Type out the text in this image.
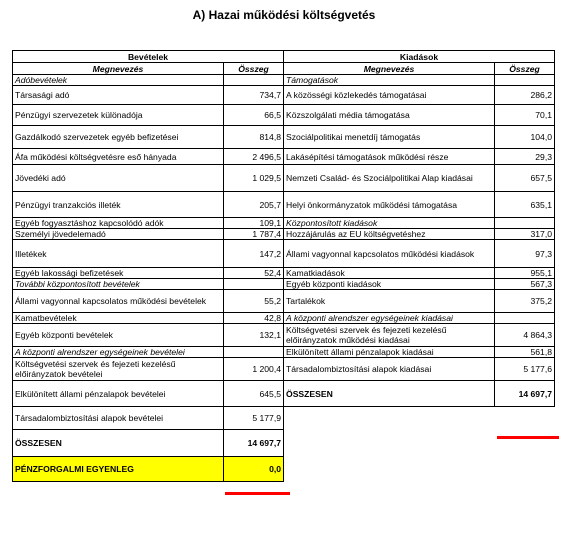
A) Hazai működési költségvetés
Bevételek		Kiadások	
Megnevezés	Összeg	Megnevezés	Összeg
Adóbevételek		Támogatások	
Társasági adó	734,7	A közösségi közlekedés támogatásai	286,2
Pénzügyi szervezetek különadója	66,5	Közszolgálati média támogatása	70,1
Gazdálkodó szervezetek egyéb befizetései	814,8	Szociálpolitikai menetdíj támogatás	104,0
Áfa működési költségvetésre eső hányada	2 496,5	Lakásépítési támogatások működési része	29,3
Jövedéki adó	1 029,5	Nemzeti Család- és Szociálpolitikai Alap kiadásai	657,5
Pénzügyi tranzakciós illeték	205,7	Helyi önkormányzatok működési támogatása	635,1
Egyéb fogyasztáshoz kapcsolódó adók	109,1	Központosított kiadások	
Személyi jövedelemadó	1 787,4	Hozzájárulás az EU költségvetéshez	317,0
Illetékek	147,2	Állami vagyonnal kapcsolatos működési kiadások	97,3
Egyéb lakossági befizetések	52,4	Kamatkiadások	955,1
További központosított bevételek		Egyéb központi kiadások	567,3
Állami vagyonnal kapcsolatos működési bevételek	55,2	Tartalékok	375,2
Kamatbevételek	42,8	A központi alrendszer egységeinek kiadásai	
Egyéb központi bevételek	132,1	Költségvetési szervek és fejezeti kezelésű előirányzatok működési kiadásai	4 864,3
A központi alrendszer egységeinek bevételei		Elkülönített állami pénzalapok kiadásai	561,8
Költségvetési szervek és fejezeti kezelésű előirányzatok bevételei	1 200,4	Társadalombiztosítási alapok kiadásai	5 177,6
Elkülönített állami pénzalapok bevételei	645,5	ÖSSZESEN	14 697,7
Társadalombiztosítási alapok bevételei	5 177,9		
ÖSSZESEN	14 697,7		
PÉNZFORGALMI EGYENLEG	0,0		
